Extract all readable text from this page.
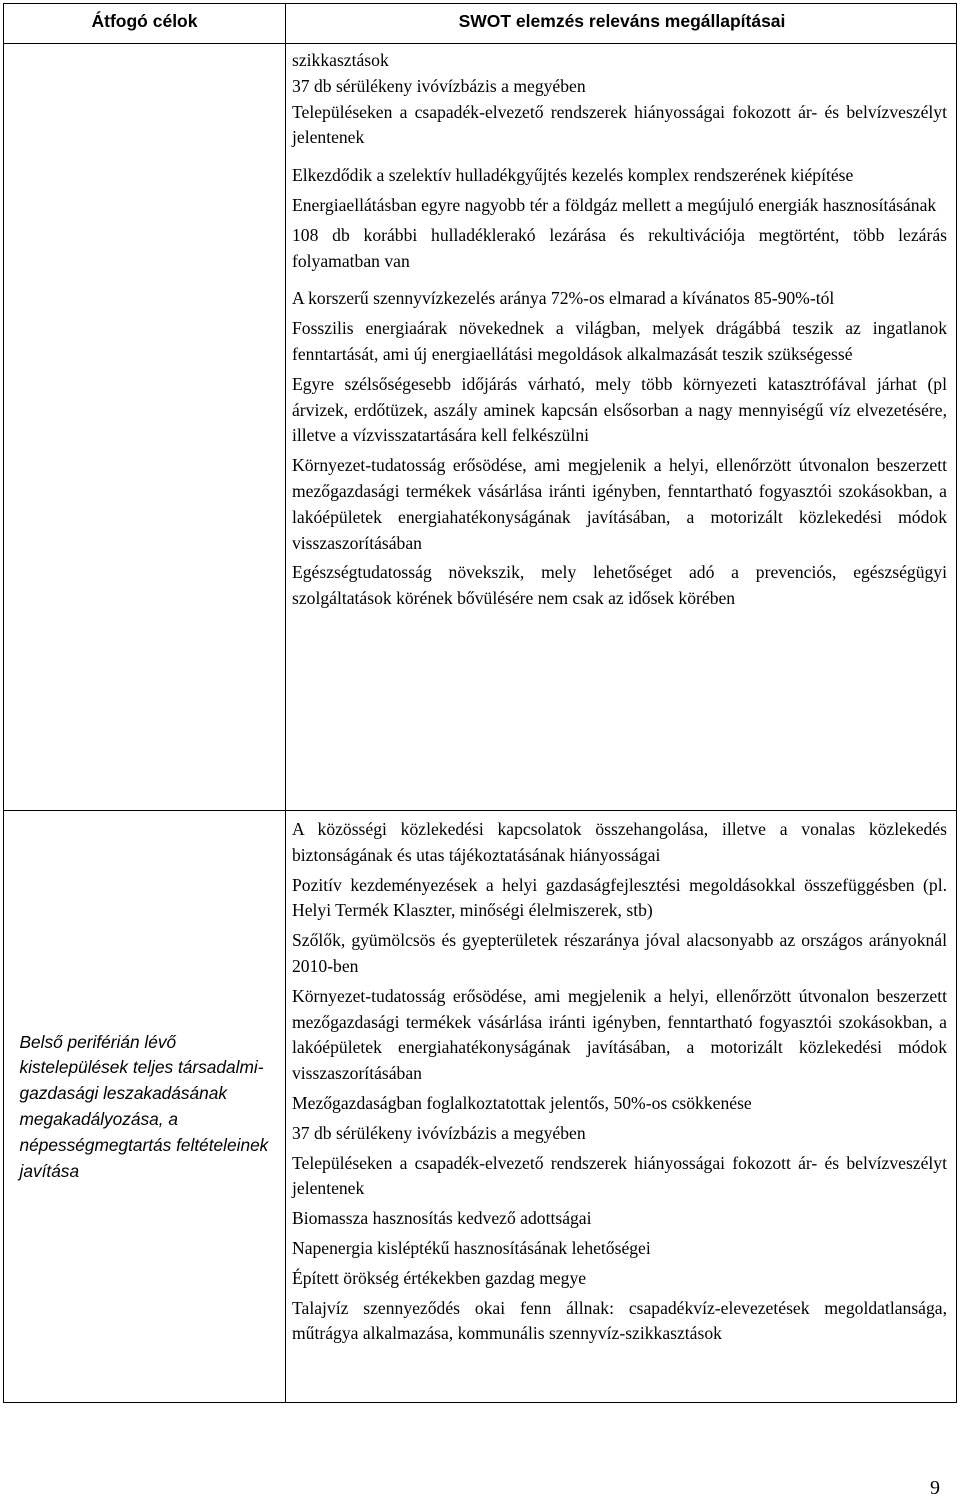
Átfogó célok	SWOT elemzés releváns megállapításai
szikkasztások
37 db sérülékeny ivóvízbázis a megyében
Településeken a csapadék-elvezető rendszerek hiányosságai fokozott ár- és belvízveszélyt jelentenek
Elkezdődik a szelektív hulladékgyűjtés kezelés komplex rendszerének kiépítése
Energiaellátásban egyre nagyobb tér a földgáz mellett a megújuló energiák hasznosításának
108 db korábbi hulladéklerakó lezárása és rekultivációja megtörtént, több lezárás folyamatban van
A korszerű szennyvízkezelés aránya 72%-os elmarad a kívánatos 85-90%-tól
Fosszilis energiaárak növekednek a világban, melyek drágábbá teszik az ingatlanok fenntartását, ami új energiaellátási megoldások alkalmazását teszik szükségessé
Egyre szélsőségesebb időjárás várható, mely több környezeti katasztrófával járhat (pl árvizek, erdőtüzek, aszály aminek kapcsán elsősorban a nagy mennyiségű víz elvezetésére, illetve a vízvisszatartására kell felkészülni
Környezet-tudatosság erősödése, ami megjelenik a helyi, ellenőrzött útvonalon beszerzett mezőgazdasági termékek vásárlása iránti igényben, fenntartható fogyasztói szokásokban, a lakóépületek energiahatékonyságának javításában, a motorizált közlekedési módok visszaszorításában
Egészségtudatosság növekszik, mely lehetőséget adó a prevenciós, egészségügyi szolgáltatások körének bővülésére nem csak az idősek körében
Belső periférián lévő kistelepülések teljes társadalmi-gazdasági leszakadásának megakadályozása, a népességmegtartás feltételeinek javítása
A közösségi közlekedési kapcsolatok összehangolása, illetve a vonalas közlekedés biztonságának és utas tájékoztatásának hiányosságai
Pozitív kezdeményezések a helyi gazdaságfejlesztési megoldásokkal összefüggésben (pl. Helyi Termék Klaszter, minőségi élelmiszerek, stb)
Szőlők, gyümölcsös és gyepterületek részaránya jóval alacsonyabb az országos arányoknál 2010-ben
Környezet-tudatosság erősödése, ami megjelenik a helyi, ellenőrzött útvonalon beszerzett mezőgazdasági termékek vásárlása iránti igényben, fenntartható fogyasztói szokásokban, a lakóépületek energiahatékonyságának javításában, a motorizált közlekedési módok visszaszorításában
Mezőgazdaságban foglalkoztatottak jelentős, 50%-os csökkenése
37 db sérülékeny ivóvízbázis a megyében
Településeken a csapadék-elvezető rendszerek hiányosságai fokozott ár- és belvízveszélyt jelentenek
Biomassza hasznosítás kedvező adottságai
Napenergia kisléptékű hasznosításának lehetőségei
Épített örökség értékekben gazdag megye
Talajvíz szennyeződés okai fenn állnak: csapadékvíz-elevezetések megoldatlansága, műtrágya alkalmazása, kommunális szennyvíz-szikkasztások
9
